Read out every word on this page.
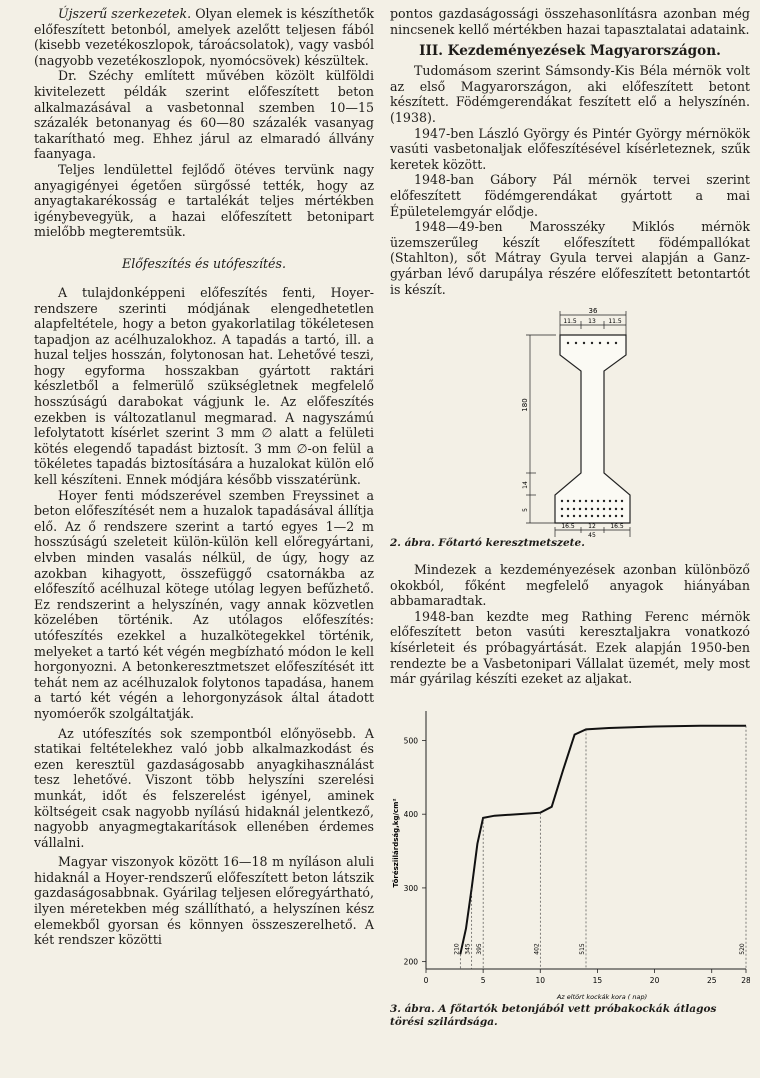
Újszerű szerkezetek. Olyan elemek is készíthetők előfeszített betonból, amelyek azelőtt teljesen fából (kisebb vezetékoszlopok, tároácsolatok), vagy vasból (nagyobb vezetékoszlopok, nyomócsövek) készültek.

Dr. Széchy említett művében közölt külföldi kivitelezett példák szerint előfeszített beton alkalmazásával a vasbetonnal szemben 10—15 százalék betonanyag és 60—80 százalék vasanyag takarítható meg. Ehhez járul az elmaradó állvány faanyaga.

Teljes lendülettel fejlődő ötéves tervünk nagy anyagigényei égetően sürgőssé tették, hogy az anyagtakarékosság e tartalékát teljes mértékben igénybevegyük, a hazai előfeszített betonipart mielőbb megteremtsük.

Előfeszítés és utófeszítés.

A tulajdonképpeni előfeszítés fenti, Hoyer-rendszere szerinti módjának elengedhetetlen alapfeltétele, hogy a beton gyakorlatilag tökéletesen tapadjon az acélhuzalokhoz. A tapadás a tartó, ill. a huzal teljes hosszán, folytonosan hat. Lehetővé teszi, hogy egyforma hosszakban gyártott raktári készletből a felmerülő szükségletnek megfelelő hosszúságú darabokat vágjunk le. Az előfeszítés ezekben is változatlanul megmarad. A nagyszámú lefolytatott kísérlet szerint 3 mm ∅ alatt a felületi kötés elegendő tapadást biztosít. 3 mm ∅-on felül a tökéletes tapadás biztosítására a huzalokat külön elő kell készíteni. Ennek módjára később visszatérünk.

Hoyer fenti módszerével szemben Freyssinet a beton előfeszítését nem a huzalok tapadásával állítja elő. Az ő rendszere szerint a tartó egyes 1—2 m hosszúságú szeleteit külön-külön kell előregyártani, elvben minden vasalás nélkül, de úgy, hogy az azokban kihagyott, összefüggő csatornákba az előfeszítő acélhuzal kötege utólag legyen befűzhető. Ez rendszerint a helyszínén, vagy annak közvetlen közelében történik. Az utólagos előfeszítés: utófeszítés ezekkel a huzalkötegekkel történik, melyeket a tartó két végén megbízható módon le kell horgonyozni. A betonkeresztmetszet előfeszítését itt tehát nem az acélhuzalok folytonos tapadása, hanem a tartó két végén a lehorgonyzások által átadott nyomóerők szolgáltatják.

Az utófeszítés sok szempontból előnyösebb. A statikai feltételekhez való jobb alkalmazkodást és ezen keresztül gazdaságosabb anyagkihasználást tesz lehetővé. Viszont több helyszíni szerelési munkát, időt és felszerelést igényel, aminek költségeit csak nagyobb nyílású hidaknál jelentkező, nagyobb anyagmegtakarítások ellenében érdemes vállalni.

Magyar viszonyok között 16—18 m nyíláson aluli hidaknál a Hoyer-rendszerű előfeszített beton látszik gazdaságosabbnak. Gyárilag teljesen előregyártható, ilyen méretekben még szállítható, a helyszínen kész elemekből gyorsan és könnyen összeszerelhető. A két rendszer közötti

pontos gazdaságossági összehasonlításra azonban még nincsenek kellő mértékben hazai tapasztalatai adataink.

III. Kezdeményezések Magyarországon.

Tudomásom szerint Sámsondy-Kis Béla mérnök volt az első Magyarországon, aki előfeszített betont készített. Födémgerendákat feszített elő a helyszínén. (1938).

1947-ben László György és Pintér György mérnökök vasúti vasbetonaljak előfeszítésével kísérleteznek, szűk keretek között.

1948-ban Gábory Pál mérnök tervei szerint előfeszített födémgerendákat gyártott a mai Épületelemgyár elődje.

1948—49-ben Marosszéky Miklós mérnök üzemszerűleg készít előfeszített födémpallókat (Stahlton), sőt Mátray Gyula tervei alapján a Ganz-gyárban lévő darupálya részére előfeszített betontartót is készít.

36
11.5 13 11.5
180
14
5
16.5 12 16.5
45
2. ábra. Főtartó keresztmetszete.

Mindezek a kezdeményezések azonban különböző okokból, főként megfelelő anyagok hiányában abbamaradtak.

1948-ban kezdte meg Rathing Ferenc mérnök előfeszített beton vasúti keresztaljakra vonatkozó kísérleteit és próbagyártását. Ezek alapján 1950-ben rendezte be a Vasbetonipari Vállalat üzemét, mely most már gyárilag készíti ezeket az aljakat.

0	5	10	15	20	25	28
200
300
400
500
210 345 395	402	515	520
Az eltört kockák kora ( nap)
Törésziilárdság,kg/cm²
3. ábra. A főtartók betonjából vett próbakockák átlagos törési szilárdsága.
